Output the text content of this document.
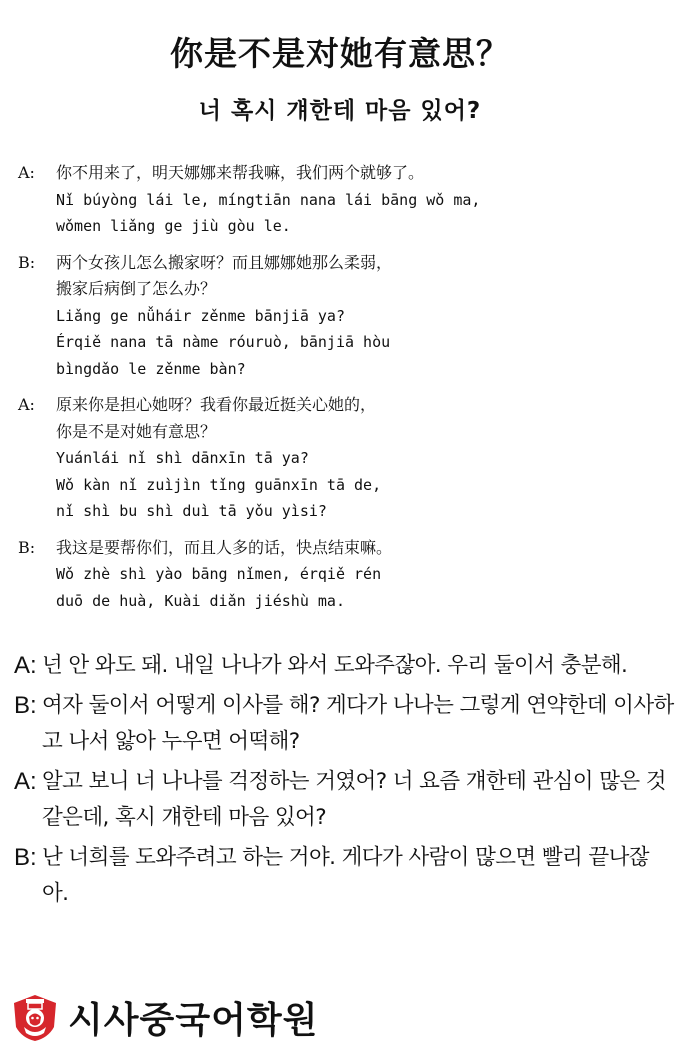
你是不是对她有意思？
너 혹시 걔한테 마음 있어?
A: 你不用来了，明天娜娜来帮我嘛，我们两个就够了。
Nǐ búyòng lái le, míngtiān nana lái bāng wǒ ma,
wǒmen liǎng ge jiù gòu le.
B: 两个女孩儿怎么搬家呀？而且娜娜她那么柔弱，
搬家后病倒了怎么办？
Liǎng ge nǚháir zěnme bānjiā ya?
Érqiě nana tā nàme róuruò, bānjiā hòu
bìngdǎo le zěnme bàn?
A: 原来你是担心她呀？我看你最近挺关心她的，
你是不是对她有意思？
Yuánlái nǐ shì dānxīn tā ya?
Wǒ kàn nǐ zuìjìn tǐng guānxīn tā de,
nǐ shì bu shì duì tā yǒu yìsi?
B: 我这是要帮你们，而且人多的话，快点结束嘛。
Wǒ zhè shì yào bāng nǐmen, érqiě rén
duō de huà, Kuài diǎn jiéshù ma.
A: 넌 안 와도 돼. 내일 나나가 와서 도와주잖아. 우리 둘이서 충분해.
B: 여자 둘이서 어떻게 이사를 해? 게다가 나나는 그렇게 연약한데 이사하고 나서 앓아 누우면 어떡해?
A: 알고 보니 너 나나를 걱정하는 거였어? 너 요즘 걔한테 관심이 많은 것 같은데, 혹시 걔한테 마음 있어?
B: 난 너희를 도와주려고 하는 거야. 게다가 사람이 많으면 빨리 끝나잖아.
시사중국어학원
